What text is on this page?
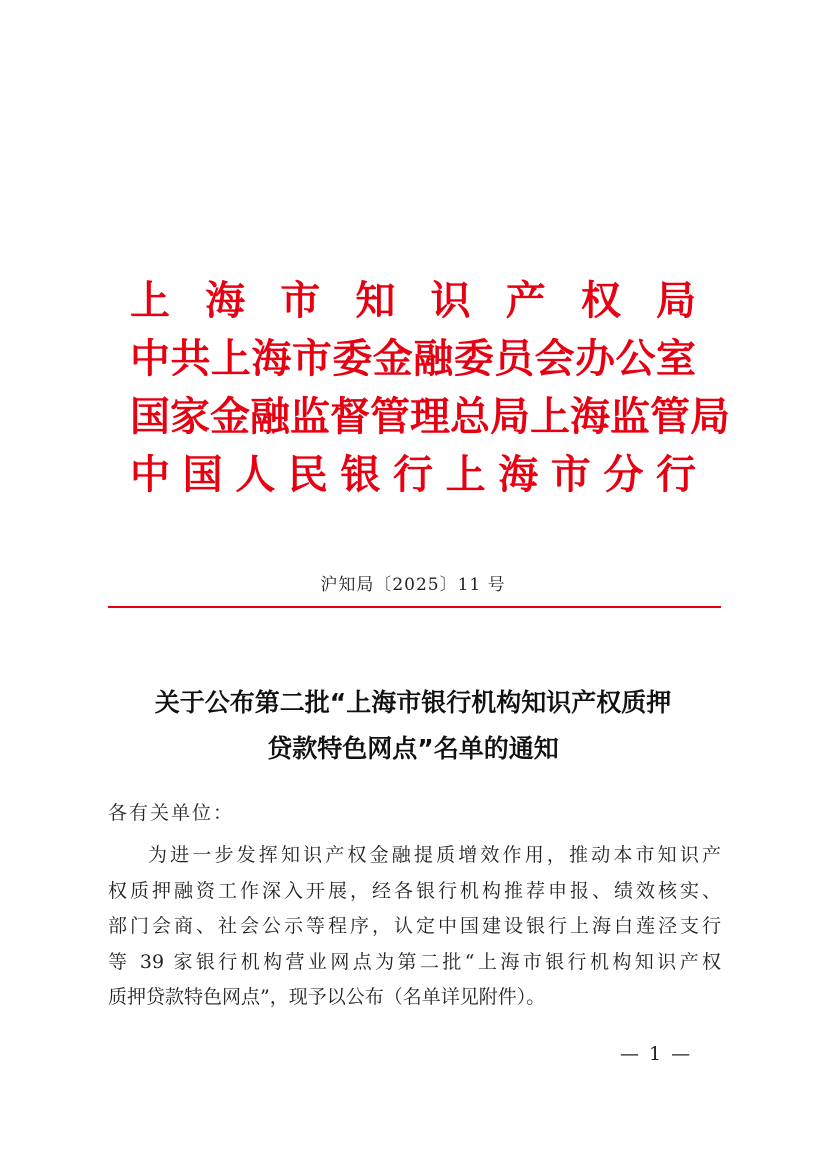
上海市知识产权局
中共上海市委金融委员会办公室
国家金融监督管理总局上海监管局
中国人民银行上海市分行
沪知局〔2025〕11 号
关于公布第二批“上海市银行机构知识产权质押
贷款特色网点”名单的通知
各有关单位：
为进一步发挥知识产权金融提质增效作用，推动本市知识产
权质押融资工作深入开展，经各银行机构推荐申报、绩效核实、
部门会商、社会公示等程序，认定中国建设银行上海白莲泾支行
等 39 家银行机构营业网点为第二批“上海市银行机构知识产权
质押贷款特色网点”，现予以公布（名单详见附件）。
— 1 —
